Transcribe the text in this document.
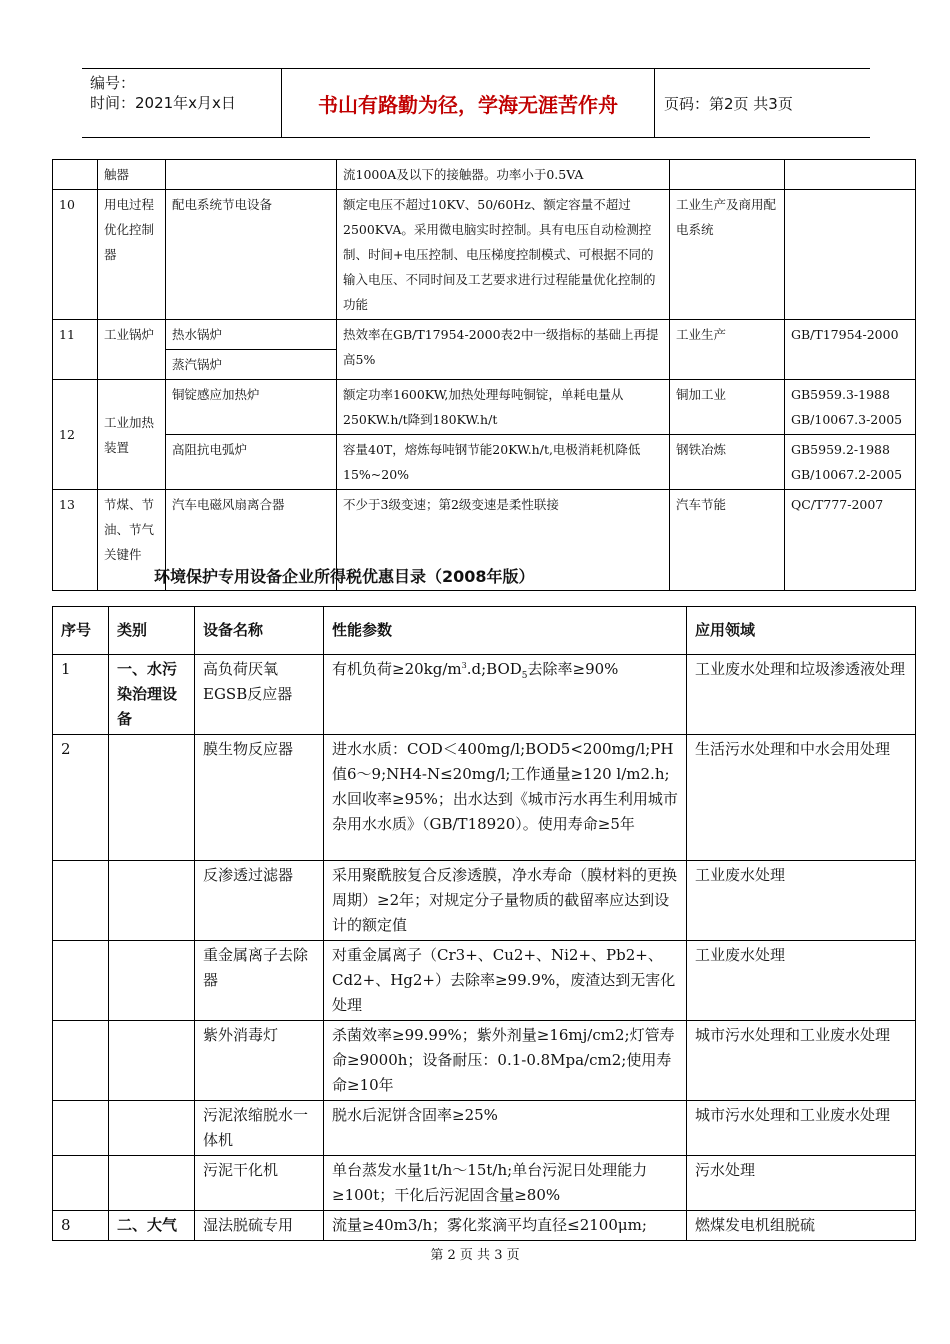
编号：
时间：2021年x月x日	书山有路勤为径，学海无涯苦作舟	页码：第2页 共3页
	触器		流1000A及以下的接触器。功率小于0.5VA		
10	用电过程优化控制器	配电系统节电设备	额定电压不超过10KV、50/60Hz、额定容量不超过2500KVA。采用微电脑实时控制。具有电压自动检测控制、时间+电压控制、电压梯度控制模式、可根据不同的输入电压、不同时间及工艺要求进行过程能量优化控制的功能	工业生产及商用配电系统	
11	工业锅炉	热水锅炉	热效率在GB/T17954-2000表2中一级指标的基础上再提高5%	工业生产	GB/T17954-2000
		蒸汽锅炉			
12	工业加热装置	铜锭感应加热炉	额定功率1600KW,加热处理每吨铜锭，单耗电量从250KW.h/t降到180KW.h/t	铜加工业	GB5959.3-1988 GB/10067.3-2005
		高阻抗电弧炉	容量40T，熔炼每吨钢节能20KW.h/t,电极消耗机降低15%~20%	钢铁冶炼	GB5959.2-1988 GB/10067.2-2005
13	节煤、节油、节气关键件	汽车电磁风扇离合器	不少于3级变速；第2级变速是柔性联接	汽车节能	QC/T777-2007
环境保护专用设备企业所得税优惠目录（2008年版）
序号	类别	设备名称	性能参数	应用领域
1	一、水污染治理设备	高负荷厌氧EGSB反应器	有机负荷$\ge 20kg/m^3.d;BOD_5$去除率≥90%	工业废水处理和垃圾渗透液处理
2		膜生物反应器	进水水质：COD＜400mg/l;BOD5<200mg/l;PH值6～9;NH4-N≤20mg/l;工作通量≥120 l/m2.h;水回收率≥95%；出水达到《城市污水再生利用城市杂用水水质》（GB/T18920）。使用寿命≥5年	生活污水处理和中水会用处理
		反渗透过滤器	采用聚酰胺复合反渗透膜，净水寿命（膜材料的更换周期）≥2年；对规定分子量物质的截留率应达到设计的额定值	工业废水处理
		重金属离子去除器	对重金属离子（Cr3+、Cu2+、Ni2+、Pb2+、Cd2+、Hg2+）去除率≥99.9%，废渣达到无害化处理	工业废水处理
		紫外消毒灯	杀菌效率≥99.99%；紫外剂量≥16mj/cm2;灯管寿命≥9000h；设备耐压：0.1-0.8Mpa/cm2;使用寿命≥10年	城市污水处理和工业废水处理
		污泥浓缩脱水一体机	脱水后泥饼含固率≥25%	城市污水处理和工业废水处理
		污泥干化机	单台蒸发水量1t/h～15t/h;单台污泥日处理能力≥100t；干化后污泥固含量≥80%	污水处理
8	二、大气	湿法脱硫专用	流量≥40m3/h；雾化浆滴平均直径≤2100μm;	燃煤发电机组脱硫
第 2 页 共 3 页
